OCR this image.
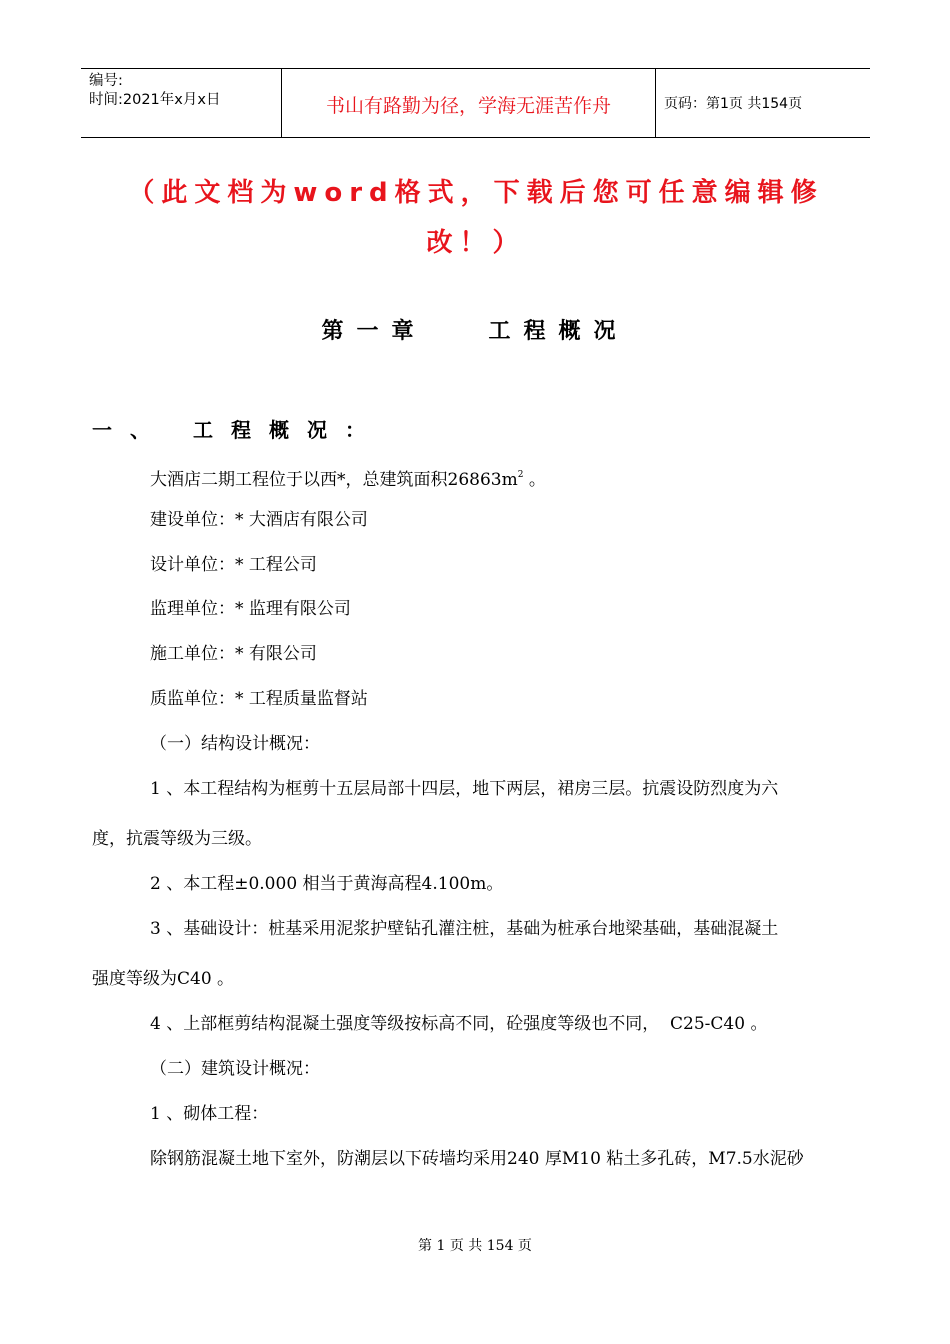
编号:
时间:2021年x月x日	书山有路勤为径，学海无涯苦作舟	页码：第1页 共154页
（此文档为word格式，下载后您可任意编辑修
改！）
第一章   工程概况
一、 工程概况：
大酒店二期工程位于以西*，总建筑面积$26863m^2$ 。
建设单位：* 大酒店有限公司
设计单位：* 工程公司
监理单位：* 监理有限公司
施工单位：* 有限公司
质监单位：* 工程质量监督站
（一）结构设计概况：
1 、本工程结构为框剪十五层局部十四层，地下两层，裙房三层。抗震设防烈度为六
度，抗震等级为三级。
2 、本工程±0.000 相当于黄海高程4.100m。
3 、基础设计：桩基采用泥浆护壁钻孔灌注桩，基础为桩承台地梁基础，基础混凝土
强度等级为C40 。
4 、上部框剪结构混凝土强度等级按标高不同，砼强度等级也不同，  C25-C40 。
（二）建筑设计概况：
1 、砌体工程：
除钢筋混凝土地下室外，防潮层以下砖墙均采用240 厚M10 粘土多孔砖，M7.5水泥砂
第 1 页 共 154 页
